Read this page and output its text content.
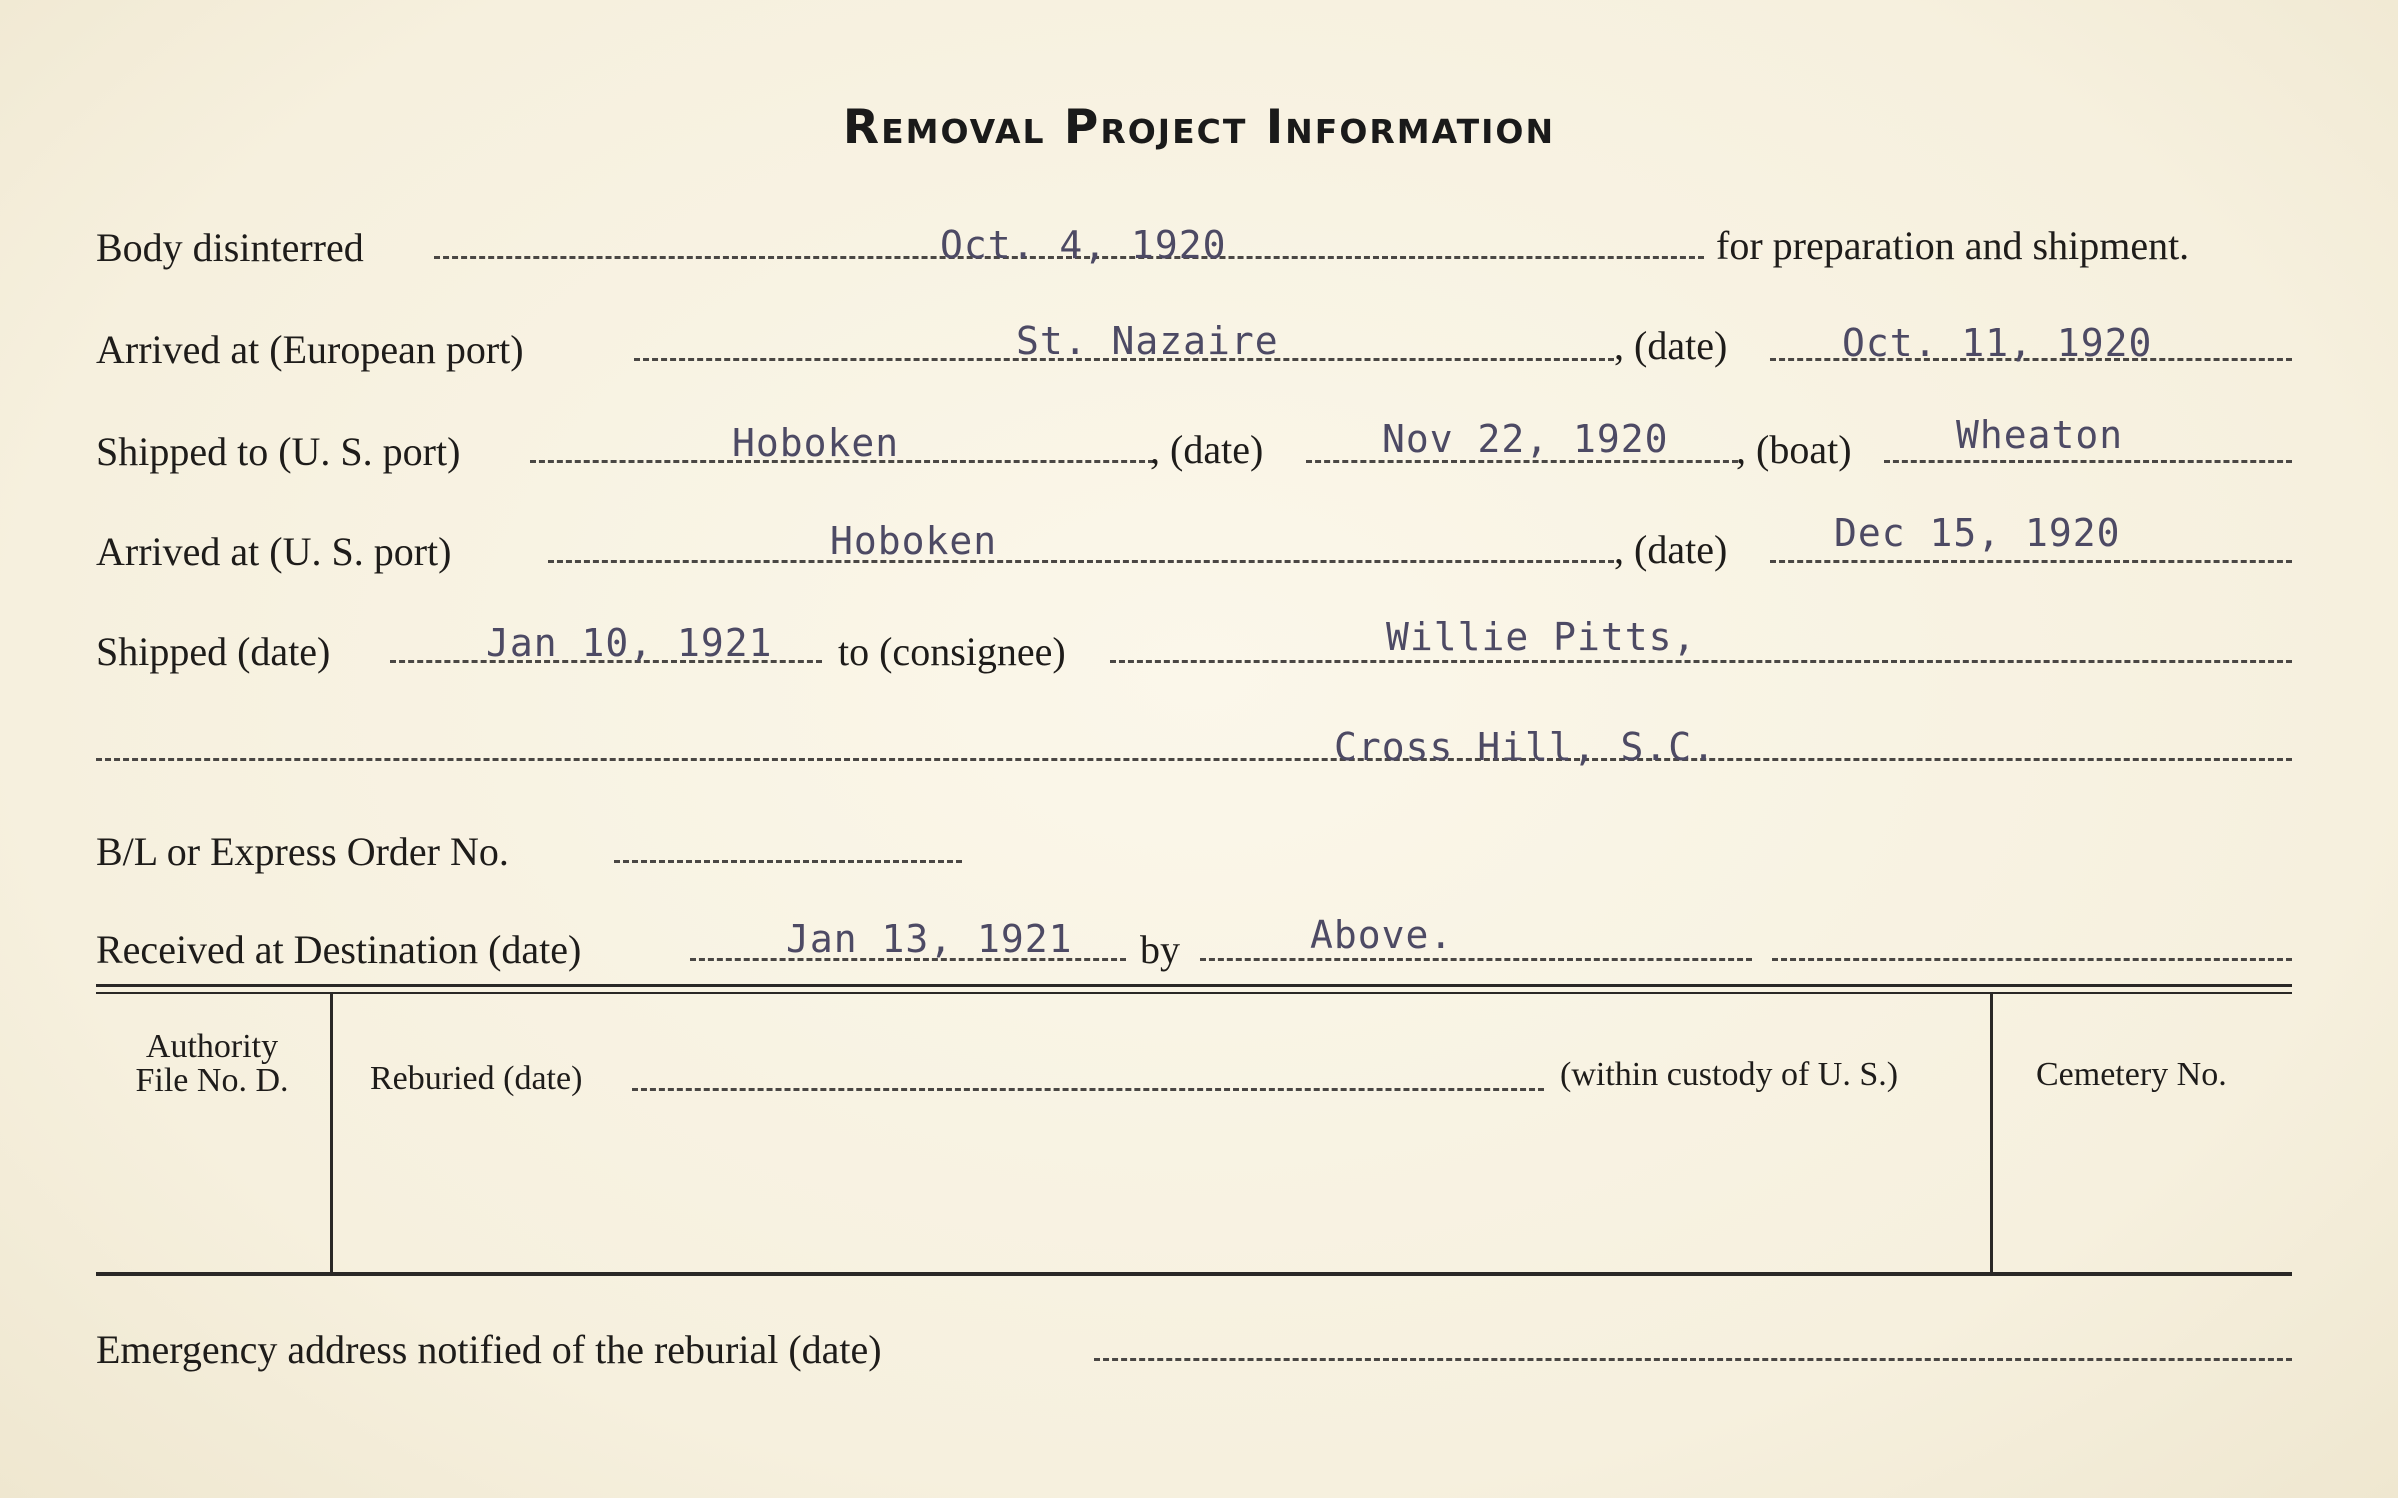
Removal Project Information
Body disinterred	Oct. 4, 1920	for preparation and shipment.
Arrived at (European port)	St. Nazaire	, (date)	Oct. 11, 1920
Shipped to (U. S. port)	Hoboken	, (date)	Nov 22, 1920 , (boat)	Wheaton
Arrived at (U. S. port)	Hoboken	, (date)	Dec 15, 1920
Shipped (date)	Jan 10, 1921 to (consignee)	Willie Pitts,
Cross Hill, S.C.
B/L or Express Order No.
Received at Destination (date)	Jan 13, 1921 by	Above.
Authority
File No. D.	Reburied (date)	(within custody of U. S.)	Cemetery No.
Emergency address notified of the reburial (date)
